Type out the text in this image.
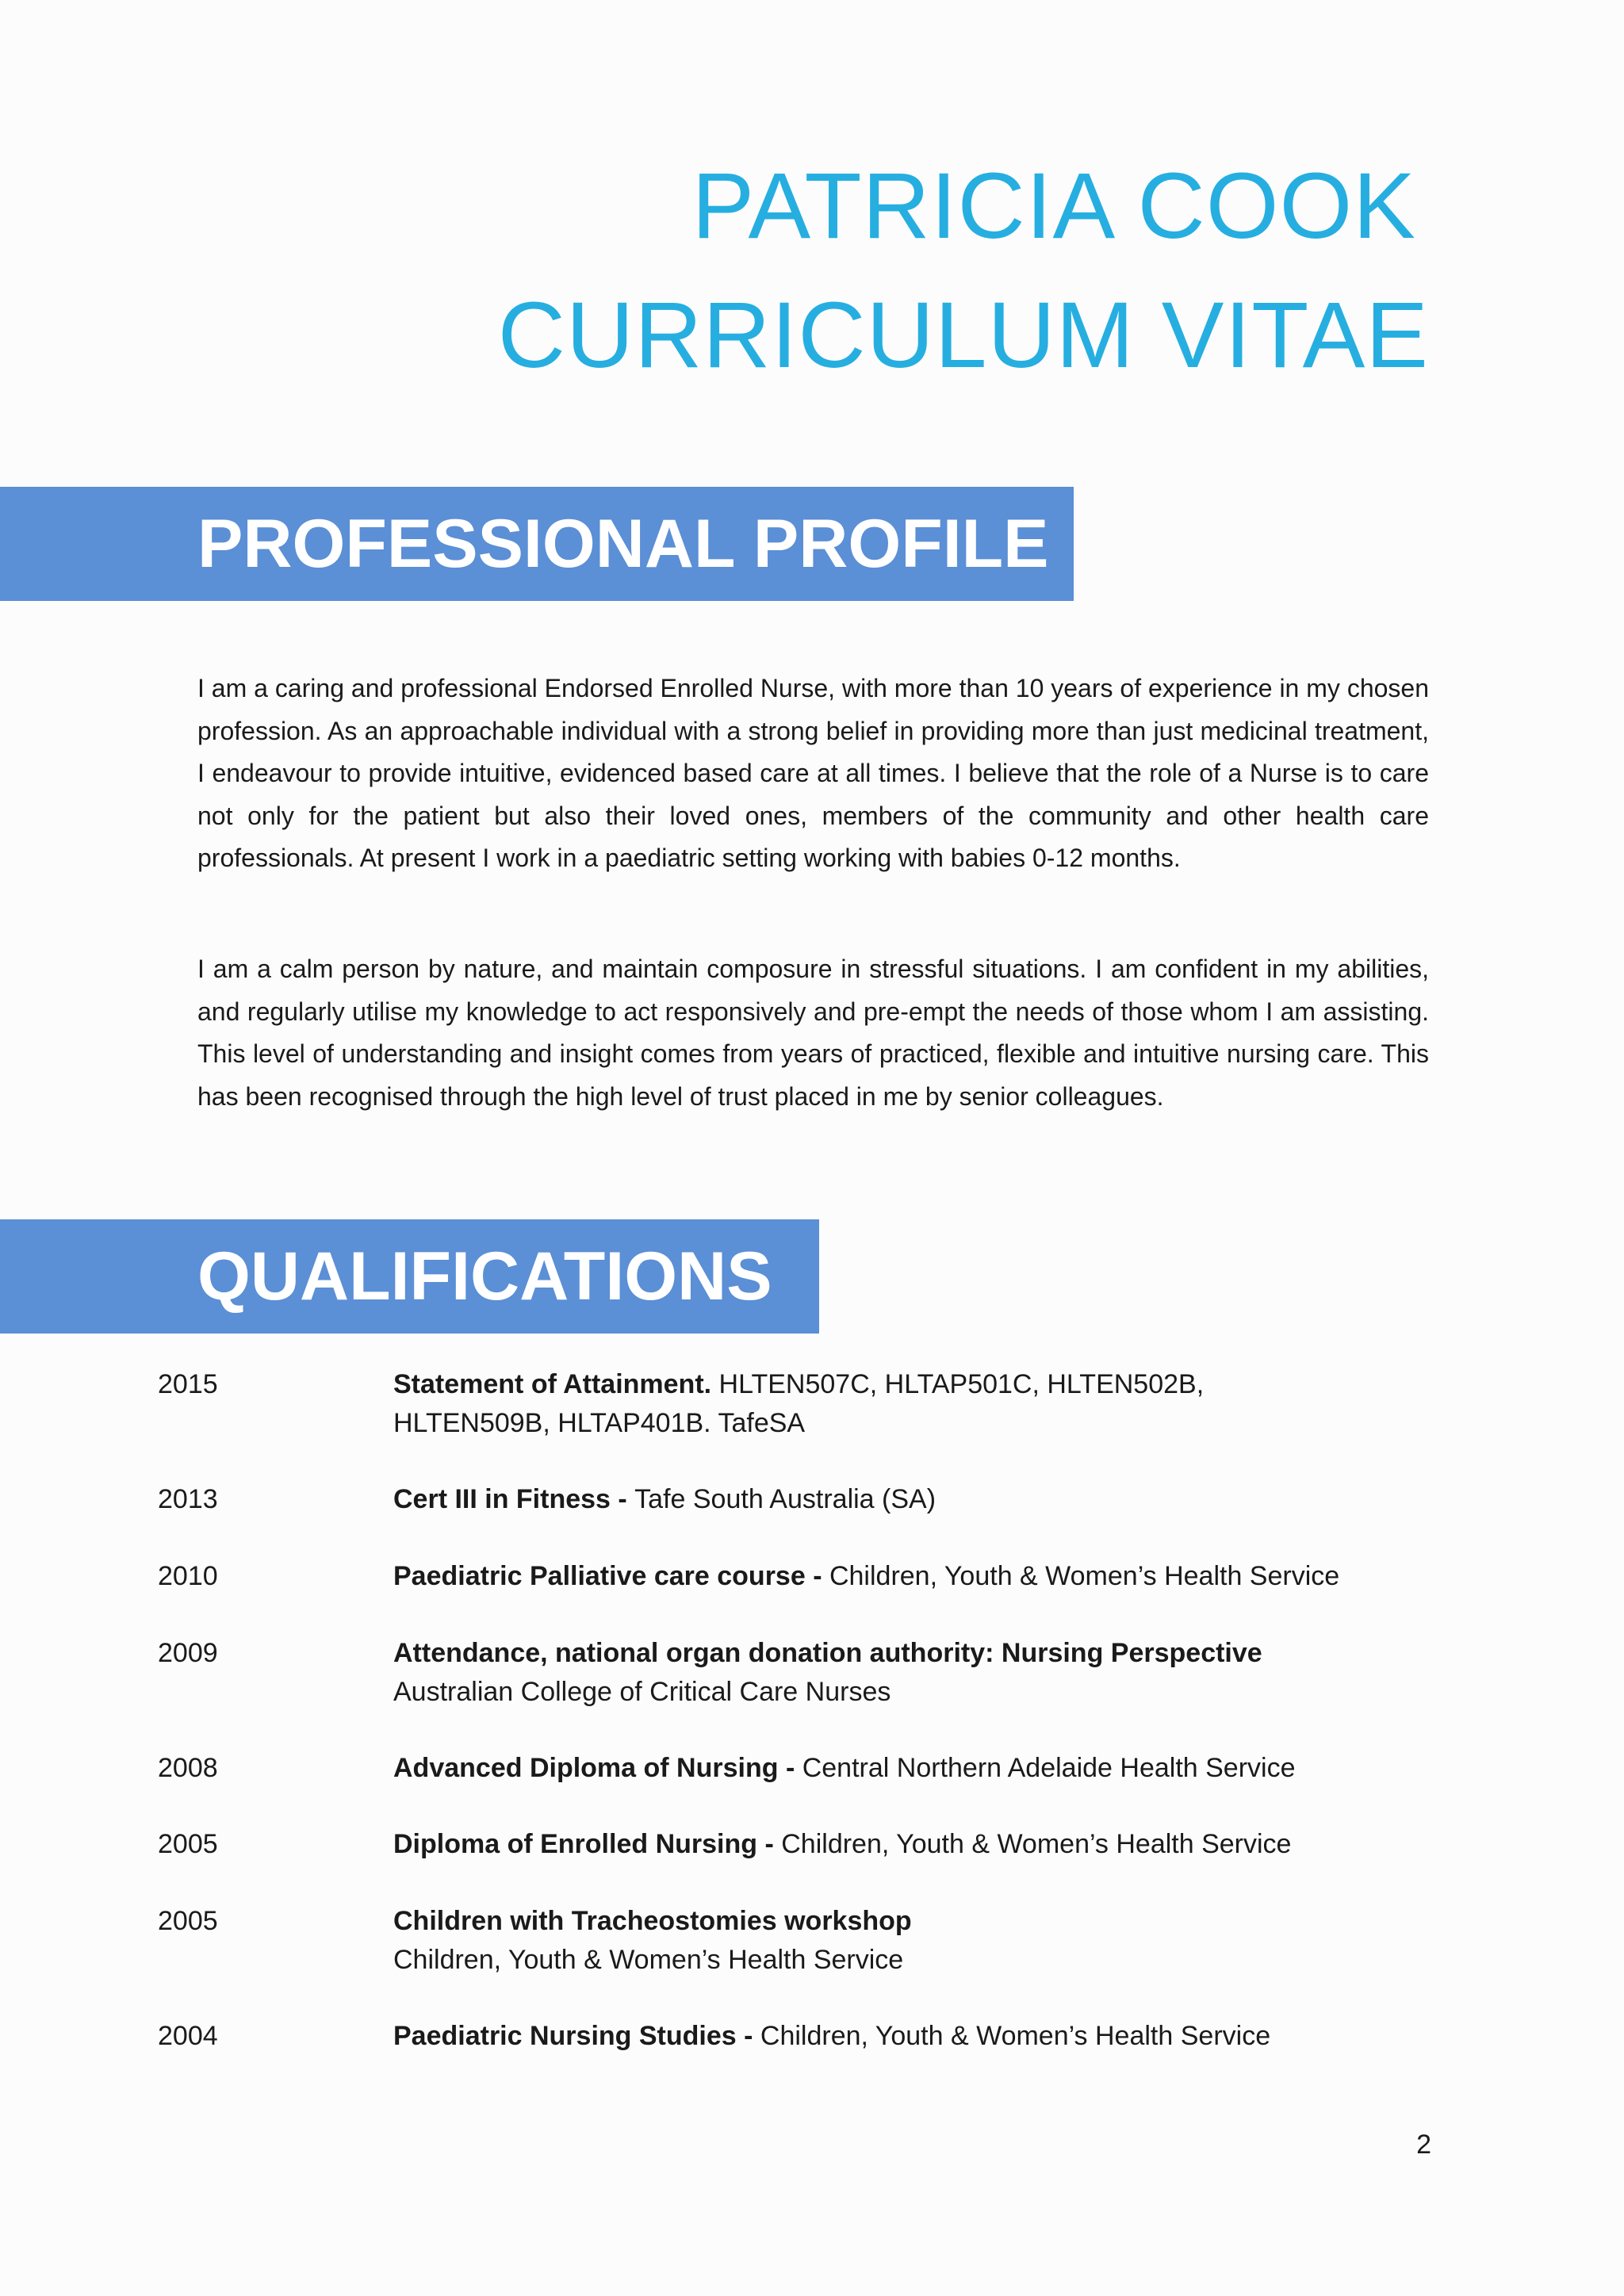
PATRICIA COOK
CURRICULUM VITAE
PROFESSIONAL PROFILE

I am a caring and professional Endorsed Enrolled Nurse, with more than 10 years of experience in my chosen profession. As an approachable individual with a strong belief in providing more than just medicinal treatment, I endeavour to provide intuitive, evidenced based care at all times. I believe that the role of a Nurse is to care not only for the patient but also their loved ones, members of the community and other health care professionals. At present I work in a paediatric setting working with babies 0-12 months.

I am a calm person by nature, and maintain composure in stressful situations. I am confident in my abilities, and regularly utilise my knowledge to act responsively and pre-empt the needs of those whom I am assisting. This level of understanding and insight comes from years of practiced, flexible and intuitive nursing care. This has been recognised through the high level of trust placed in me by senior colleagues.

QUALIFICATIONS
2015	Statement of Attainment. HLTEN507C, HLTAP501C, HLTEN502B,
HLTEN509B, HLTAP401B. TafeSA
2013	Cert III in Fitness - Tafe South Australia (SA)
2010	Paediatric Palliative care course - Children, Youth & Women’s Health Service
2009	Attendance, national organ donation authority: Nursing Perspective
Australian College of Critical Care Nurses
2008	Advanced Diploma of Nursing - Central Northern Adelaide Health Service
2005	Diploma of Enrolled Nursing - Children, Youth & Women’s Health Service
2005	Children with Tracheostomies workshop
Children, Youth & Women’s Health Service
2004	Paediatric Nursing Studies - Children, Youth & Women’s Health Service
2
